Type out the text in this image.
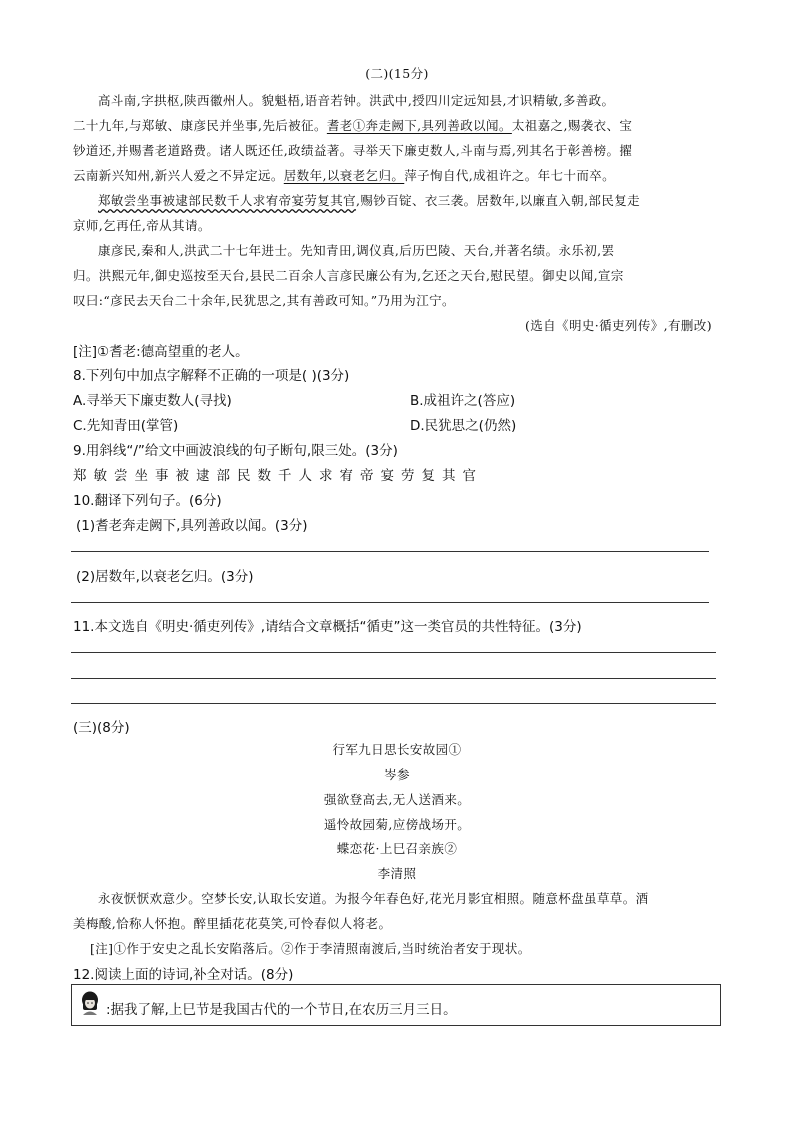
(二)(15分)
高斗南,字拱枢,陕西徽州人。貌魁梧,语音若钟。洪武中,授四川定远知县,才识精敏,多善政。
二十九年,与郑敏、康彦民并坐事,先后被征。耆老①奔走阙下,具列善政以闻。太祖嘉之,赐袭衣、宝
钞道还,并赐耆老道路费。诸人既还任,政绩益著。寻举天下廉吏数人,斗南与焉,列其名于彰善榜。擢
云南新兴知州,新兴人爱之不异定远。居数年,以衰老乞归。萍子恂自代,成祖许之。年七十而卒。
郑敏尝坐事被逮部民数千人求宥帝宴劳复其官,赐钞百锭、衣三袭。居数年,以廉直入朝,部民复走
京师,乞再任,帝从其请。
康彦民,秦和人,洪武二十七年进士。先知青田,调仪真,后历巴陵、天台,并著名绩。永乐初,罢
归。洪熙元年,御史巡按至天台,县民二百余人言彦民廉公有为,乞还之天台,慰民望。御史以闻,宣宗
叹曰:“彦民去天台二十余年,民犹思之,其有善政可知。”乃用为江宁。
(选自《明史·循吏列传》,有删改)
[注]①耆老:德高望重的老人。
8.下列句中加点字解释不正确的一项是( )(3分)
A.寻举天下廉吏数人(寻找)	B.成祖许之(答应)
C.先知青田(掌管)	D.民犹思之(仍然)
9.用斜线“/”给文中画波浪线的句子断句,限三处。(3分)
郑敏尝坐事被逮部民数千人求宥帝宴劳复其官
10.翻译下列句子。(6分)
(1)耆老奔走阙下,具列善政以闻。(3分)
(2)居数年,以衰老乞归。(3分)
11.本文选自《明史·循吏列传》,请结合文章概括“循吏”这一类官员的共性特征。(3分)
(三)(8分)
行军九日思长安故园①
岑参
强欲登高去,无人送酒来。
遥怜故园菊,应傍战场开。
蝶恋花·上巳召亲族②
李清照
永夜恹恹欢意少。空梦长安,认取长安道。为报今年春色好,花光月影宜相照。随意杯盘虽草草。酒
美梅酸,恰称人怀抱。醉里插花花莫笑,可怜春似人将老。
[注]①作于安史之乱长安陷落后。②作于李清照南渡后,当时统治者安于现状。
12.阅读上面的诗词,补全对话。(8分)
:据我了解,上巳节是我国古代的一个节日,在农历三月三日。
